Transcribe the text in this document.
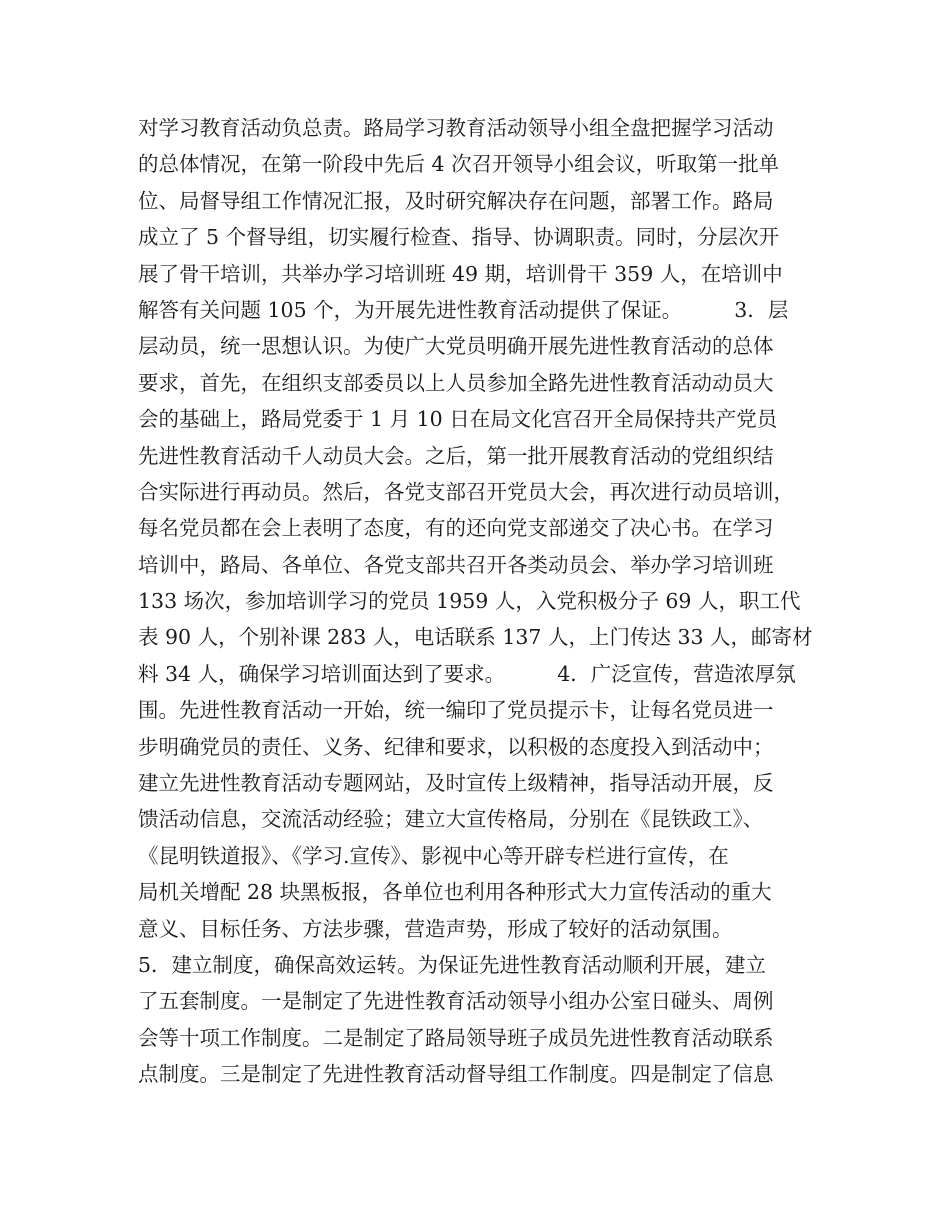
对学习教育活动负总责。路局学习教育活动领导小组全盘把握学习活动
的总体情况，在第一阶段中先后 4 次召开领导小组会议，听取第一批单
位、局督导组工作情况汇报，及时研究解决存在问题，部署工作。路局
成立了 5 个督导组，切实履行检查、指导、协调职责。同时，分层次开
展了骨干培训，共举办学习培训班 49 期，培训骨干 359 人，在培训中
解答有关问题 105 个，为开展先进性教育活动提供了保证。        3．层
层动员，统一思想认识。为使广大党员明确开展先进性教育活动的总体
要求，首先，在组织支部委员以上人员参加全路先进性教育活动动员大
会的基础上，路局党委于 1 月 10 日在局文化宫召开全局保持共产党员
先进性教育活动千人动员大会。之后，第一批开展教育活动的党组织结
合实际进行再动员。然后，各党支部召开党员大会，再次进行动员培训，
每名党员都在会上表明了态度，有的还向党支部递交了决心书。在学习
培训中，路局、各单位、各党支部共召开各类动员会、举办学习培训班
133 场次，参加培训学习的党员 1959 人，入党积极分子 69 人，职工代
表 90 人，个别补课 283 人，电话联系 137 人，上门传达 33 人，邮寄材
料 34 人，确保学习培训面达到了要求。        4．广泛宣传，营造浓厚氛
围。先进性教育活动一开始，统一编印了党员提示卡，让每名党员进一
步明确党员的责任、义务、纪律和要求，以积极的态度投入到活动中；
建立先进性教育活动专题网站，及时宣传上级精神，指导活动开展，反
馈活动信息，交流活动经验；建立大宣传格局，分别在《昆铁政工》、
《昆明铁道报》、《学习.宣传》、影视中心等开辟专栏进行宣传，在
局机关增配 28 块黑板报，各单位也利用各种形式大力宣传活动的重大
意义、目标任务、方法步骤，营造声势，形成了较好的活动氛围。
5．建立制度，确保高效运转。为保证先进性教育活动顺利开展，建立
了五套制度。一是制定了先进性教育活动领导小组办公室日碰头、周例
会等十项工作制度。二是制定了路局领导班子成员先进性教育活动联系
点制度。三是制定了先进性教育活动督导组工作制度。四是制定了信息
